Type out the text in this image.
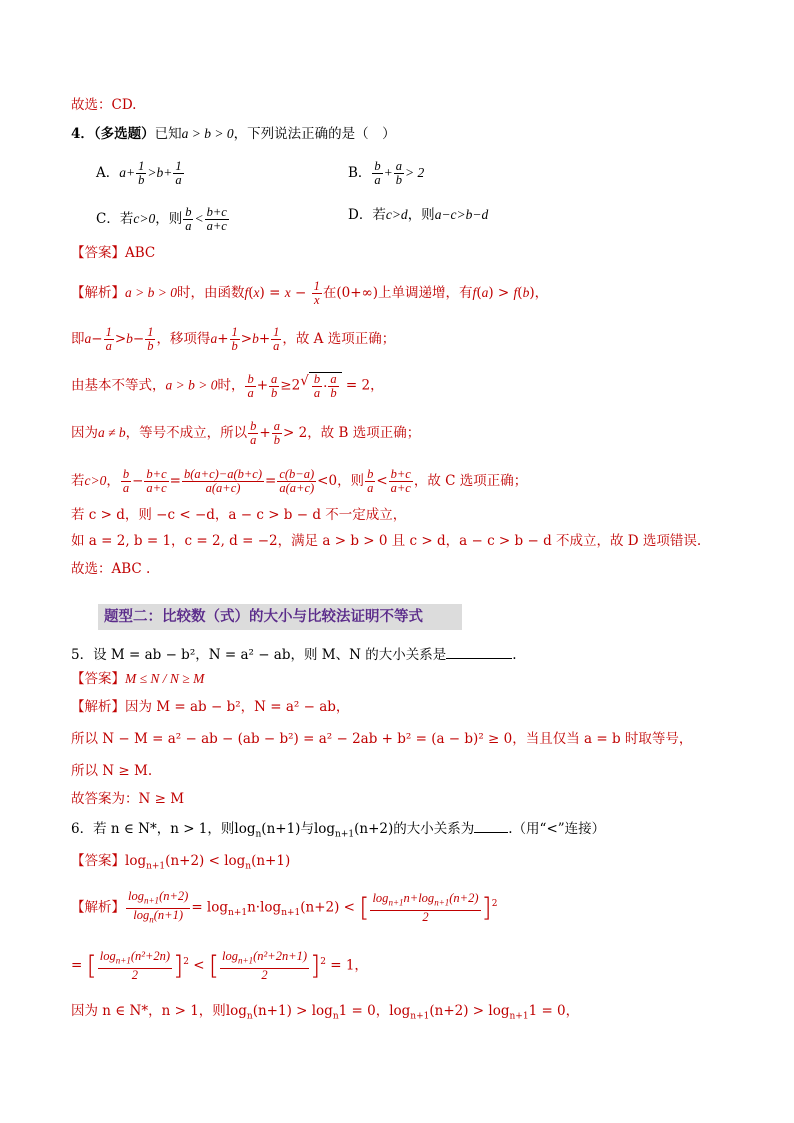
故选：CD.
4．（多选题）已知a > b > 0，下列说法正确的是（　）
A．$a+ \frac{1}{b} >b+ \frac{1}{a}$	B． $\frac{b}{a} + \frac{a}{b} > 2$
C．若c>0，则 $\frac{b}{a} < \frac{b+c}{a+c}$	D．若c>d，则a−c>b−d
【答案】ABC
【解析】a > b > 0时，由函数$f(x) = x - \frac{1}{x}$ 在(0+∞)上单调递增，有f(a) > f(b)，
即$a- \frac{1}{a} >b- \frac{1}{b}$ ，移项得$a+ \frac{1}{b} >b+ \frac{1}{a}$ ，故 A 选项正确；
由基本不等式，a > b > 0时， $\frac{b}{a} + \frac{a}{b} \ge 2$ √ $\frac{b}{a} \cdot \frac{a}{b} = 2$，
因为a ≠ b，等号不成立，所以 $\frac{b}{a} + \frac{a}{b} > 2$，故 B 选项正确；
若c>0， $\frac{b}{a} - \frac{b+c}{a+c} = \frac{b(a+c)-a(b+c)}{a(a+c)} = \frac{c(b-a)}{a(a+c)} <0$，则 $\frac{b}{a} < \frac{b+c}{a+c}$ ，故 C 选项正确；
若 c > d，则 −c < −d，a − c > b − d 不一定成立，
如 a = 2, b = 1，c = 2, d = −2，满足 a > b > 0 且 c > d，a − c > b − d 不成立，故 D 选项错误.
故选：ABC .
题型二：比较数（式）的大小与比较法证明不等式
5．设 M = ab − b²，N = a² − ab，则 M、N 的大小关系是	.
【答案】M ≤ N / N ≥ M
【解析】因为 M = ab − b²，N = a² − ab，
所以 N − M = a² − ab − (ab − b²) = a² − 2ab + b² = (a − b)² ≥ 0，当且仅当 a = b 时取等号，
所以 N ≥ M.
故答案为：N ≥ M
6．若 n ∈ N*，n > 1，则$\log_n(n+1)$与$\log_{n+1}(n+2)$的大小关系为	.（用“<”连接）
【答案】$\log_{n+1}(n+2) < \log_n(n+1)$
【解析】 $\frac{\log_{n+1}(n+2)}{\log_n(n+1)} = \log_{n+1}n\cdot\log_{n+1}(n+2)$ < [ $\frac{\log_{n+1}n+\log_{n+1}(n+2)}{2} ]^2$
= [ $\frac{\log_{n+1}(n^2+2n)}{2} ]^2$ < [ $\frac{\log_{n+1}(n^2+2n+1)}{2} ]^2 = 1$，
因为 n ∈ N*，n > 1，则$\log_n(n+1) > \log_n1 = 0$，$\log_{n+1}(n+2) > \log_{n+1}1 = 0$，
